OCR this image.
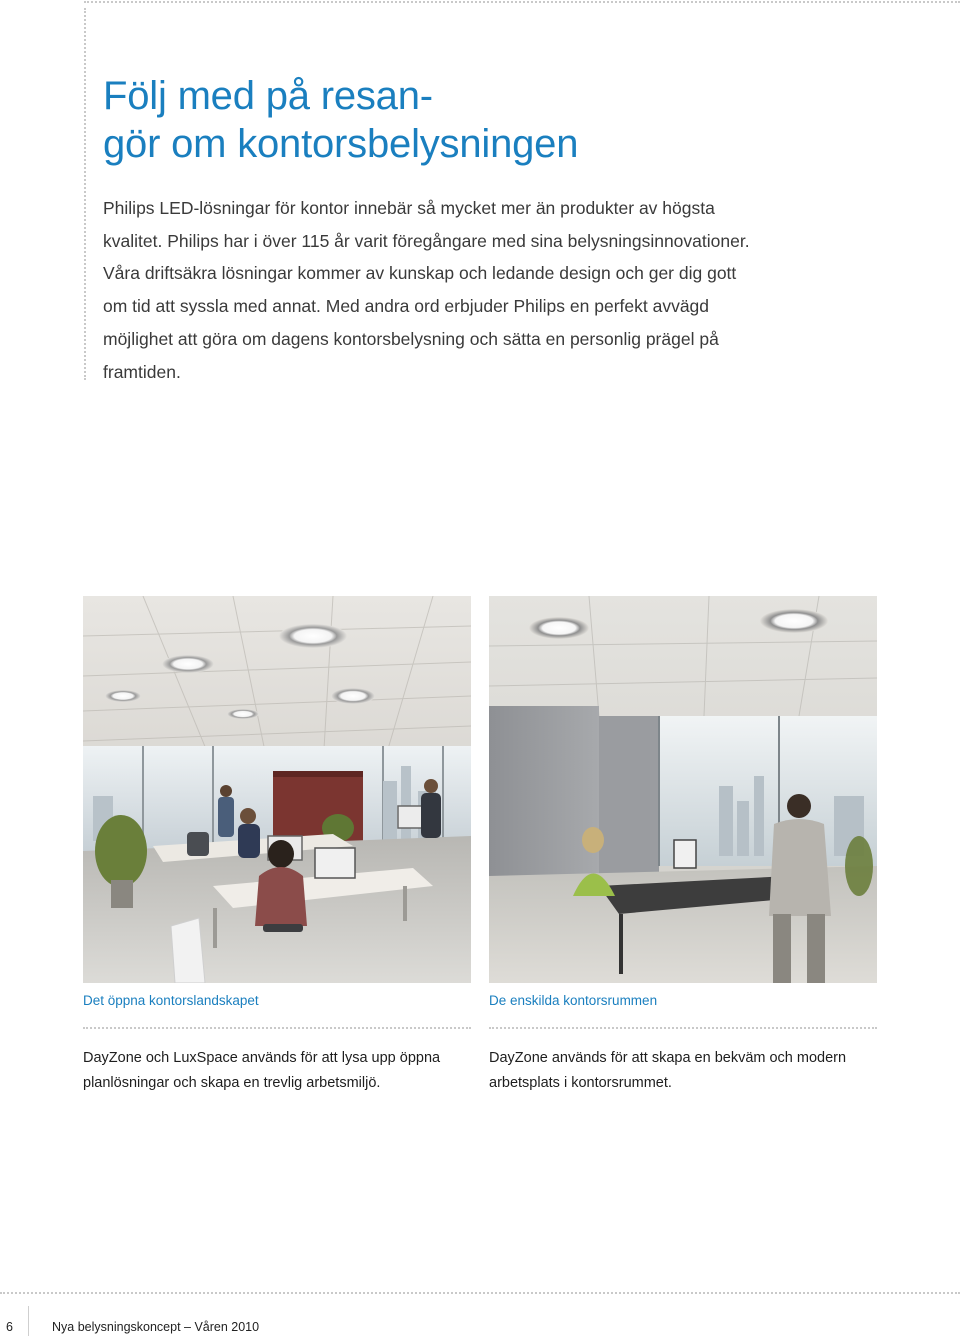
Följ med på resan-
gör om kontorsbelysningen

Philips LED-lösningar för kontor innebär så mycket mer än produkter av högsta kvalitet. Philips har i över 115 år varit föregångare med sina belysningsinnovationer. Våra driftsäkra lösningar kommer av kunskap och ledande design och ger dig gott om tid att syssla med annat. Med andra ord erbjuder Philips en perfekt avvägd möjlighet att göra om dagens kontorsbelysning och sätta en personlig prägel på framtiden.

Det öppna kontorslandskapet	De enskilda kontorsrummen

DayZone och LuxSpace används för att lysa upp öppna planlösningar och skapa en trevlig arbetsmiljö.

DayZone används för att skapa en bekväm och modern arbetsplats i kontorsrummet.

6	Nya belysningskoncept – Våren 2010
